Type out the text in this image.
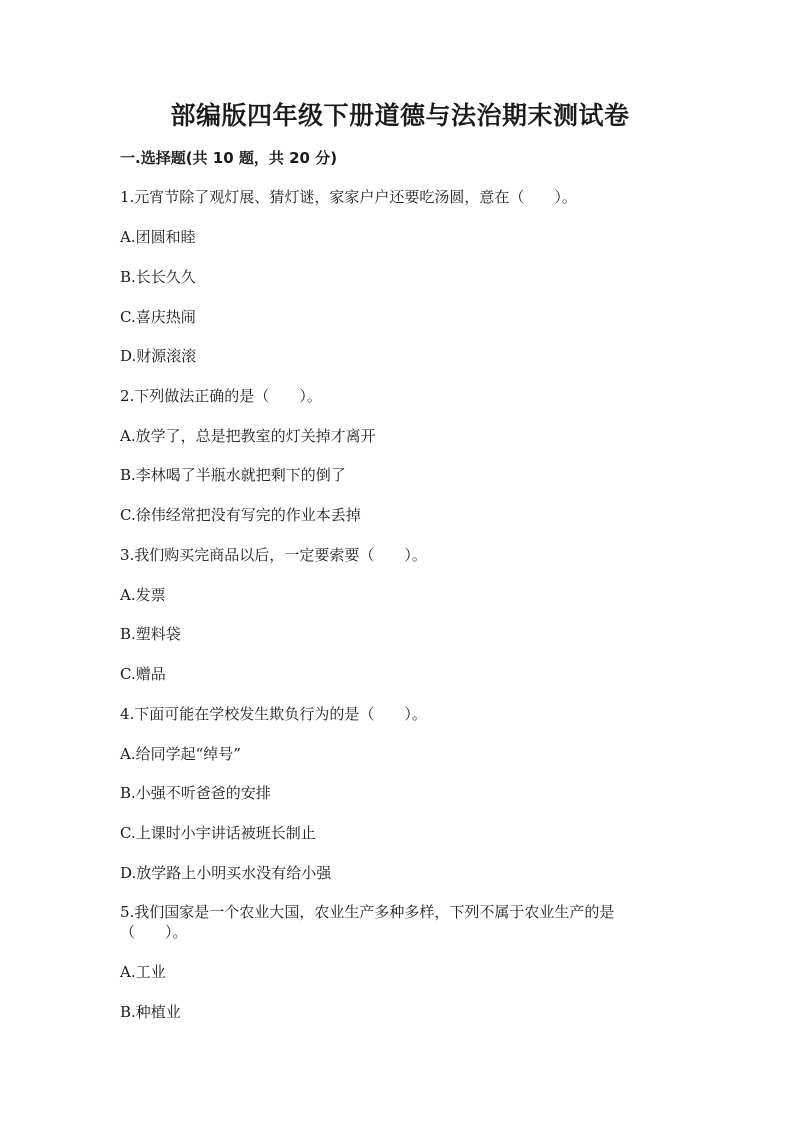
部编版四年级下册道德与法治期末测试卷
一.选择题(共 10 题，共 20 分)
1.元宵节除了观灯展、猜灯谜，家家户户还要吃汤圆，意在（　　）。
A.团圆和睦
B.长长久久
C.喜庆热闹
D.财源滚滚
2.下列做法正确的是（　　）。
A.放学了，总是把教室的灯关掉才离开
B.李林喝了半瓶水就把剩下的倒了
C.徐伟经常把没有写完的作业本丢掉
3.我们购买完商品以后，一定要索要（　　）。
A.发票
B.塑料袋
C.赠品
4.下面可能在学校发生欺负行为的是（　　）。
A.给同学起“绰号”
B.小强不听爸爸的安排
C.上课时小宇讲话被班长制止
D.放学路上小明买水没有给小强
5.我们国家是一个农业大国，农业生产多种多样，下列不属于农业生产的是（　　）。
A.工业
B.种植业
